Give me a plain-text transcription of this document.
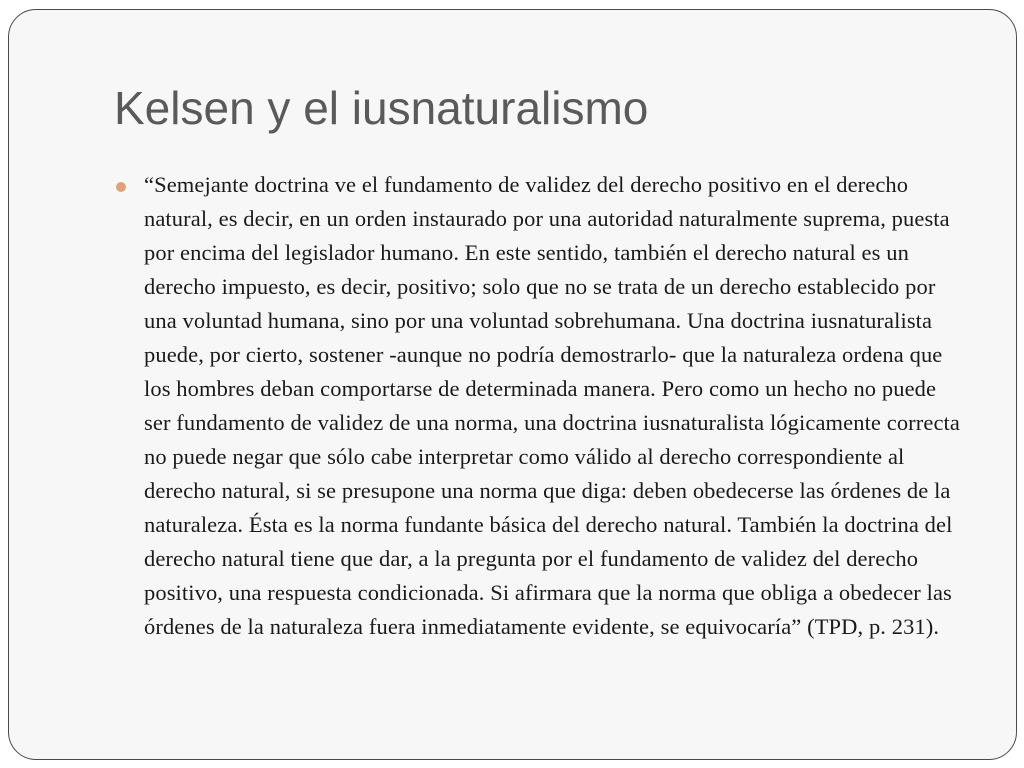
Kelsen y el iusnaturalismo
“Semejante doctrina ve el fundamento de validez del derecho positivo en el derecho natural, es decir, en un orden instaurado por una autoridad naturalmente suprema, puesta por encima del legislador humano. En este sentido, también el derecho natural es un derecho impuesto, es decir, positivo; solo que no se trata de un derecho establecido por una voluntad humana, sino por una voluntad sobrehumana. Una doctrina iusnaturalista puede, por cierto, sostener -aunque no podría demostrarlo- que la naturaleza ordena que los hombres deban comportarse de determinada manera. Pero como un hecho no puede ser fundamento de validez de una norma, una doctrina iusnaturalista lógicamente correcta no puede negar que sólo cabe interpretar como válido al derecho correspondiente al derecho natural, si se presupone una norma que diga: deben obedecerse las órdenes de la naturaleza. Ésta es la norma fundante básica del derecho natural. También la doctrina del derecho natural tiene que dar, a la pregunta por el fundamento de validez del derecho positivo, una respuesta condicionada. Si afirmara que la norma que obliga a obedecer las órdenes de la naturaleza fuera inmediatamente evidente, se equivocaría” (TPD, p. 231).
